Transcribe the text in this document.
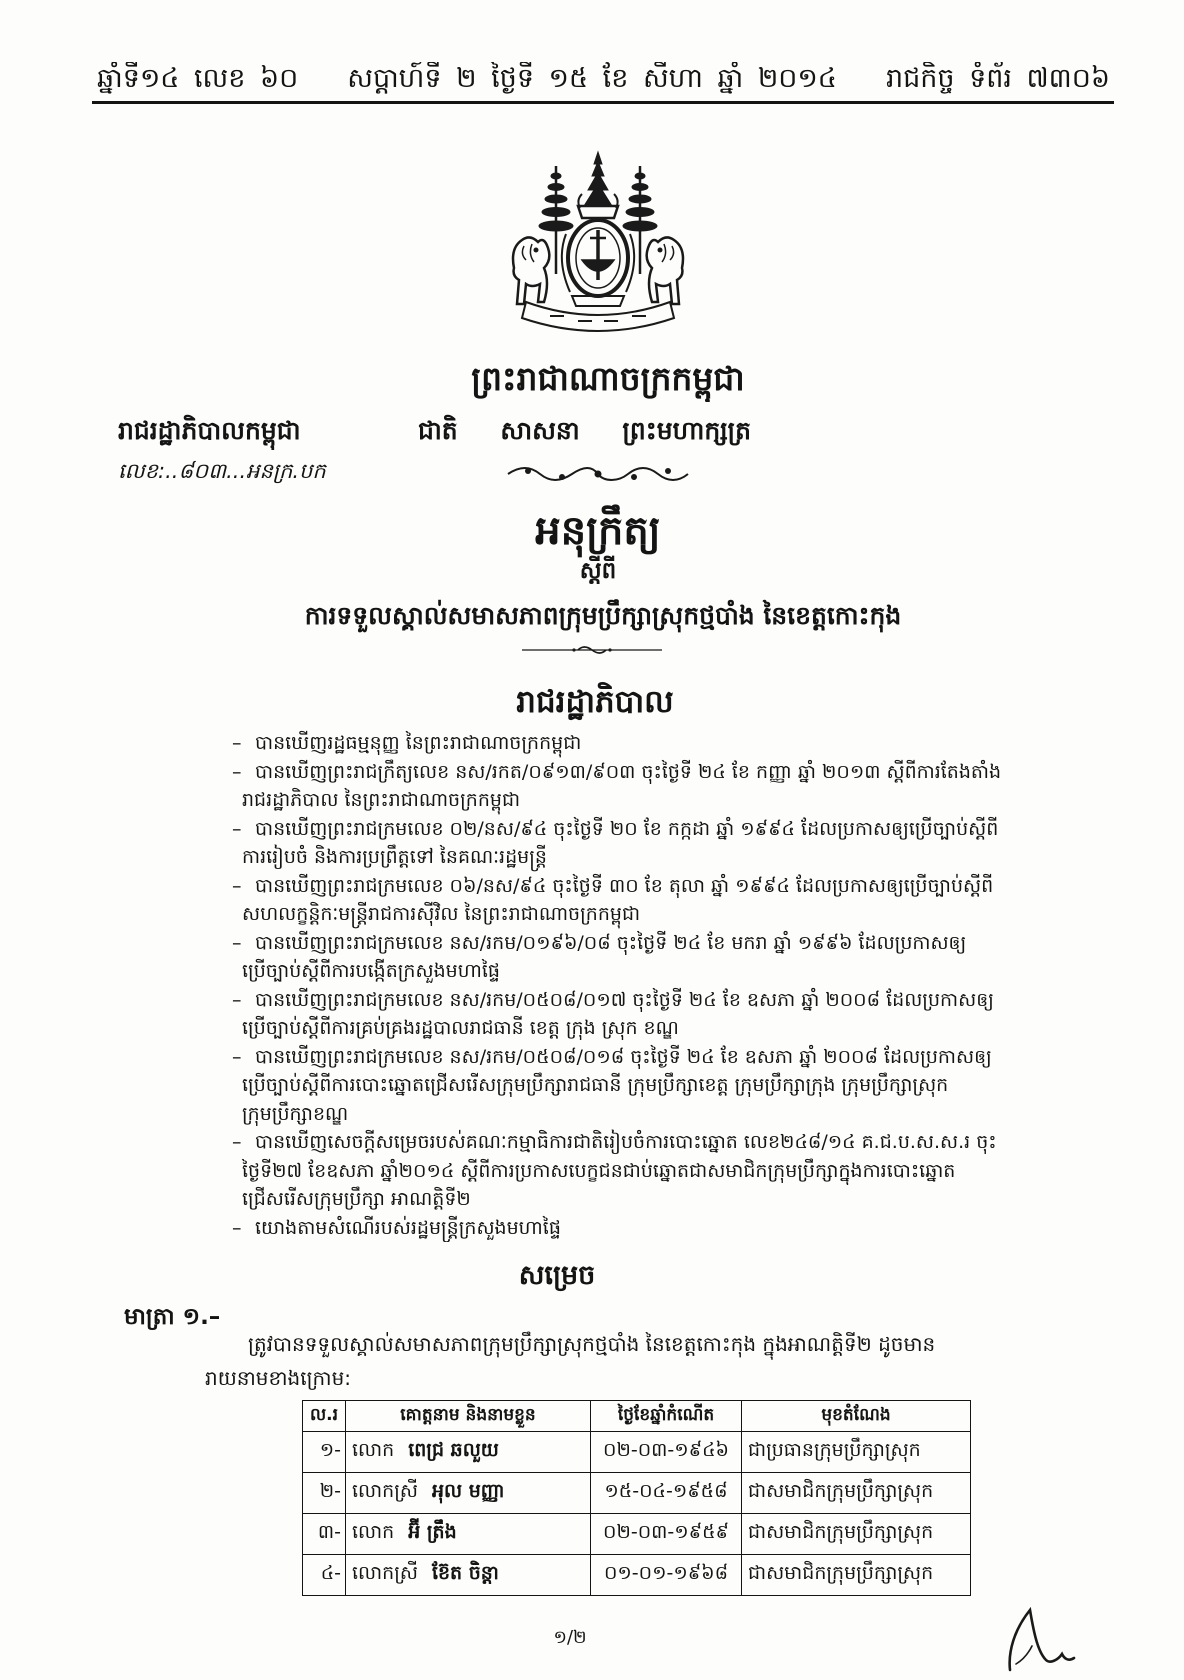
ឆ្នាំទី១៤ លេខ ៦០ សប្តាហ៍ទី ២ ថ្ងៃទី ១៥ ខែ សីហា ឆ្នាំ ២០១៤ រាជកិច្ច ទំព័រ ៧៣០៦
ព្រះរាជាណាចក្រកម្ពុជា
រាជរដ្ឋាភិបាលកម្ពុជា	ជាតិ សាសនា ព្រះមហាក្សត្រ
លេខ:..៨០៣...អនក្រ.បក
អនុក្រឹត្យ
ស្តីពី
ការទទួលស្គាល់សមាសភាពក្រុមប្រឹក្សាស្រុកថ្មបាំង នៃខេត្តកោះកុង
រាជរដ្ឋាភិបាល
– បានឃើញរដ្ឋធម្មនុញ្ញ នៃព្រះរាជាណាចក្រកម្ពុជា
– បានឃើញព្រះរាជក្រឹត្យលេខ នស/រកត/០៩១៣/៩០៣ ចុះថ្ងៃទី ២៤ ខែ កញ្ញា ឆ្នាំ ២០១៣ ស្តីពីការតែងតាំង
រាជរដ្ឋាភិបាល នៃព្រះរាជាណាចក្រកម្ពុជា
– បានឃើញព្រះរាជក្រមលេខ ០២/នស/៩៤ ចុះថ្ងៃទី ២០ ខែ កក្កដា ឆ្នាំ ១៩៩៤ ដែលប្រកាសឲ្យប្រើច្បាប់ស្តីពី
ការរៀបចំ និងការប្រព្រឹត្តទៅ នៃគណៈរដ្ឋមន្ត្រី
– បានឃើញព្រះរាជក្រមលេខ ០៦/នស/៩៤ ចុះថ្ងៃទី ៣០ ខែ តុលា ឆ្នាំ ១៩៩៤ ដែលប្រកាសឲ្យប្រើច្បាប់ស្តីពី
សហលក្ខន្តិកៈមន្ត្រីរាជការស៊ីវិល នៃព្រះរាជាណាចក្រកម្ពុជា
– បានឃើញព្រះរាជក្រមលេខ នស/រកម/០១៩៦/០៨ ចុះថ្ងៃទី ២៤ ខែ មករា ឆ្នាំ ១៩៩៦ ដែលប្រកាសឲ្យ
ប្រើច្បាប់ស្តីពីការបង្កើតក្រសួងមហាផ្ទៃ
– បានឃើញព្រះរាជក្រមលេខ នស/រកម/០៥០៨/០១៧ ចុះថ្ងៃទី ២៤ ខែ ឧសភា ឆ្នាំ ២០០៨ ដែលប្រកាសឲ្យ
ប្រើច្បាប់ស្តីពីការគ្រប់គ្រងរដ្ឋបាលរាជធានី ខេត្ត ក្រុង ស្រុក ខណ្ឌ
– បានឃើញព្រះរាជក្រមលេខ នស/រកម/០៥០៨/០១៨ ចុះថ្ងៃទី ២៤ ខែ ឧសភា ឆ្នាំ ២០០៨ ដែលប្រកាសឲ្យ
ប្រើច្បាប់ស្តីពីការបោះឆ្នោតជ្រើសរើសក្រុមប្រឹក្សារាជធានី ក្រុមប្រឹក្សាខេត្ត ក្រុមប្រឹក្សាក្រុង ក្រុមប្រឹក្សាស្រុក
ក្រុមប្រឹក្សាខណ្ឌ
– បានឃើញសេចក្តីសម្រេចរបស់គណៈកម្មាធិការជាតិរៀបចំការបោះឆ្នោត លេខ២៤៨/១៤ គ.ជ.ប.ស.ស.រ ចុះ
ថ្ងៃទី២៧ ខែឧសភា ឆ្នាំ២០១៤ ស្តីពីការប្រកាសបេក្ខជនជាប់ឆ្នោតជាសមាជិកក្រុមប្រឹក្សាក្នុងការបោះឆ្នោត
ជ្រើសរើសក្រុមប្រឹក្សា អាណត្តិទី២
– យោងតាមសំណើរបស់រដ្ឋមន្ត្រីក្រសួងមហាផ្ទៃ
សម្រេច
មាត្រា ១.–
ត្រូវបានទទួលស្គាល់សមាសភាពក្រុមប្រឹក្សាស្រុកថ្មបាំង នៃខេត្តកោះកុង ក្នុងអាណត្តិទី២ ដូចមាន
រាយនាមខាងក្រោម:
ល.រ	គោត្តនាម និងនាមខ្លួន	ថ្ងៃខែឆ្នាំកំណើត	មុខតំណែង
១-	លោក ពេជ្រ ឆលួយ	០២-០៣-១៩៤៦	ជាប្រធានក្រុមប្រឹក្សាស្រុក
២-	លោកស្រី អុល មញ្ញា	១៥-០៤-១៩៥៨	ជាសមាជិកក្រុមប្រឹក្សាស្រុក
៣-	លោក អ៊ី ត្រឹង	០២-០៣-១៩៥៩	ជាសមាជិកក្រុមប្រឹក្សាស្រុក
៤-	លោកស្រី ខ៊ែត ចិន្តា	០១-០១-១៩៦៨	ជាសមាជិកក្រុមប្រឹក្សាស្រុក
១/២
